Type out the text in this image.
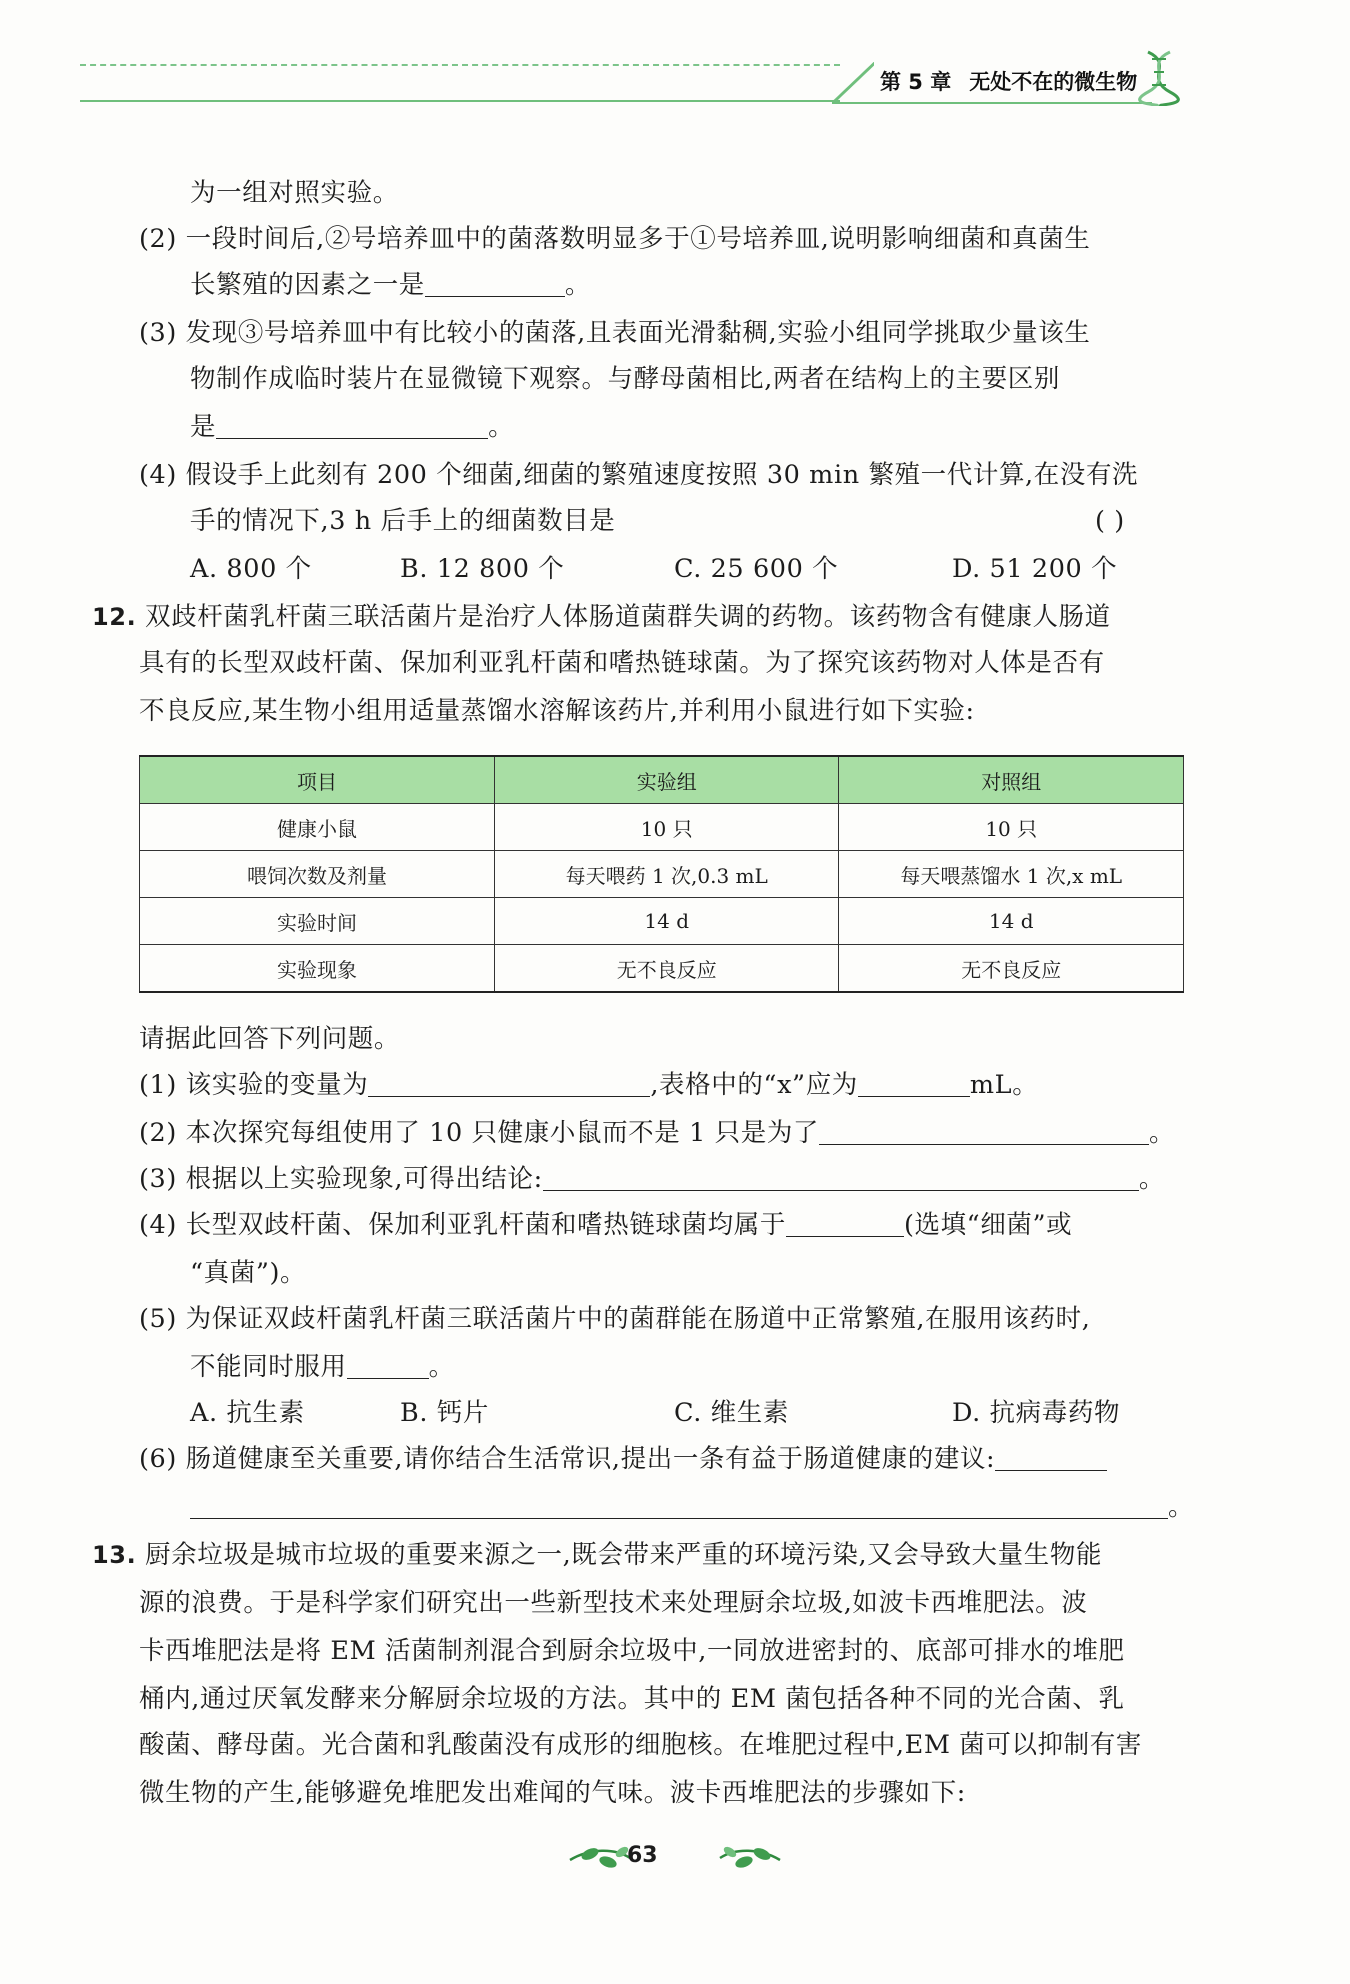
第 5 章 无处不在的微生物
为一组对照实验。
(2) 一段时间后,②号培养皿中的菌落数明显多于①号培养皿,说明影响细菌和真菌生
长繁殖的因素之一是	。
(3) 发现③号培养皿中有比较小的菌落,且表面光滑黏稠,实验小组同学挑取少量该生
物制作成临时装片在显微镜下观察。与酵母菌相比,两者在结构上的主要区别
是	。
(4) 假设手上此刻有 200 个细菌,细菌的繁殖速度按照 30 min 繁殖一代计算,在没有洗
手的情况下,3 h 后手上的细菌数目是	( )
A. 800 个	B. 12 800 个	C. 25 600 个	D. 51 200 个
12. 双歧杆菌乳杆菌三联活菌片是治疗人体肠道菌群失调的药物。该药物含有健康人肠道
具有的长型双歧杆菌、保加利亚乳杆菌和嗜热链球菌。为了探究该药物对人体是否有
不良反应,某生物小组用适量蒸馏水溶解该药片,并利用小鼠进行如下实验:
项目	实验组	对照组
健康小鼠	10 只	10 只
喂饲次数及剂量	每天喂药 1 次,0.3 mL	每天喂蒸馏水 1 次,x mL
实验时间	14 d	14 d
实验现象	无不良反应	无不良反应
请据此回答下列问题。
(1) 该实验的变量为	,表格中的“x”应为	mL。
(2) 本次探究每组使用了 10 只健康小鼠而不是 1 只是为了	。
(3) 根据以上实验现象,可得出结论:	。
(4) 长型双歧杆菌、保加利亚乳杆菌和嗜热链球菌均属于	(选填“细菌”或
“真菌”)。
(5) 为保证双歧杆菌乳杆菌三联活菌片中的菌群能在肠道中正常繁殖,在服用该药时,
不能同时服用	。
A. 抗生素	B. 钙片	C. 维生素	D. 抗病毒药物
(6) 肠道健康至关重要,请你结合生活常识,提出一条有益于肠道健康的建议:
。
13. 厨余垃圾是城市垃圾的重要来源之一,既会带来严重的环境污染,又会导致大量生物能
源的浪费。于是科学家们研究出一些新型技术来处理厨余垃圾,如波卡西堆肥法。波
卡西堆肥法是将 EM 活菌制剂混合到厨余垃圾中,一同放进密封的、底部可排水的堆肥
桶内,通过厌氧发酵来分解厨余垃圾的方法。其中的 EM 菌包括各种不同的光合菌、乳
酸菌、酵母菌。光合菌和乳酸菌没有成形的细胞核。在堆肥过程中,EM 菌可以抑制有害
微生物的产生,能够避免堆肥发出难闻的气味。波卡西堆肥法的步骤如下:
63
